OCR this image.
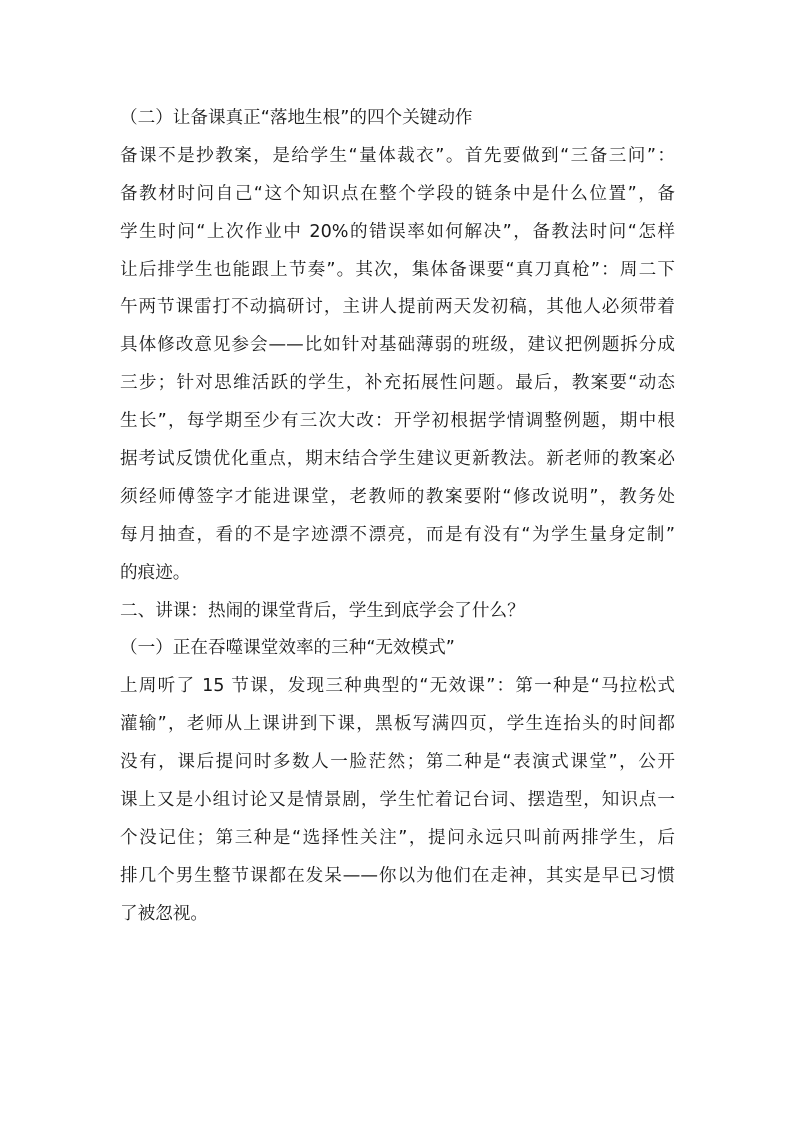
（二）让备课真正“落地生根”的四个关键动作
备课不是抄教案，是给学生“量体裁衣”。首先要做到“三备三问”：
备教材时问自己“这个知识点在整个学段的链条中是什么位置”，备
学生时问“上次作业中 20%的错误率如何解决”，备教法时问“怎样
让后排学生也能跟上节奏”。其次，集体备课要“真刀真枪”：周二下
午两节课雷打不动搞研讨，主讲人提前两天发初稿，其他人必须带着
具体修改意见参会——比如针对基础薄弱的班级，建议把例题拆分成
三步；针对思维活跃的学生，补充拓展性问题。最后，教案要“动态
生长”，每学期至少有三次大改：开学初根据学情调整例题，期中根
据考试反馈优化重点，期末结合学生建议更新教法。新老师的教案必
须经师傅签字才能进课堂，老教师的教案要附“修改说明”，教务处
每月抽查，看的不是字迹漂不漂亮，而是有没有“为学生量身定制”
的痕迹。
二、讲课：热闹的课堂背后，学生到底学会了什么？
（一）正在吞噬课堂效率的三种“无效模式”
上周听了 15 节课，发现三种典型的“无效课”：第一种是“马拉松式
灌输”，老师从上课讲到下课，黑板写满四页，学生连抬头的时间都
没有，课后提问时多数人一脸茫然；第二种是“表演式课堂”，公开
课上又是小组讨论又是情景剧，学生忙着记台词、摆造型，知识点一
个没记住；第三种是“选择性关注”，提问永远只叫前两排学生，后
排几个男生整节课都在发呆——你以为他们在走神，其实是早已习惯
了被忽视。
